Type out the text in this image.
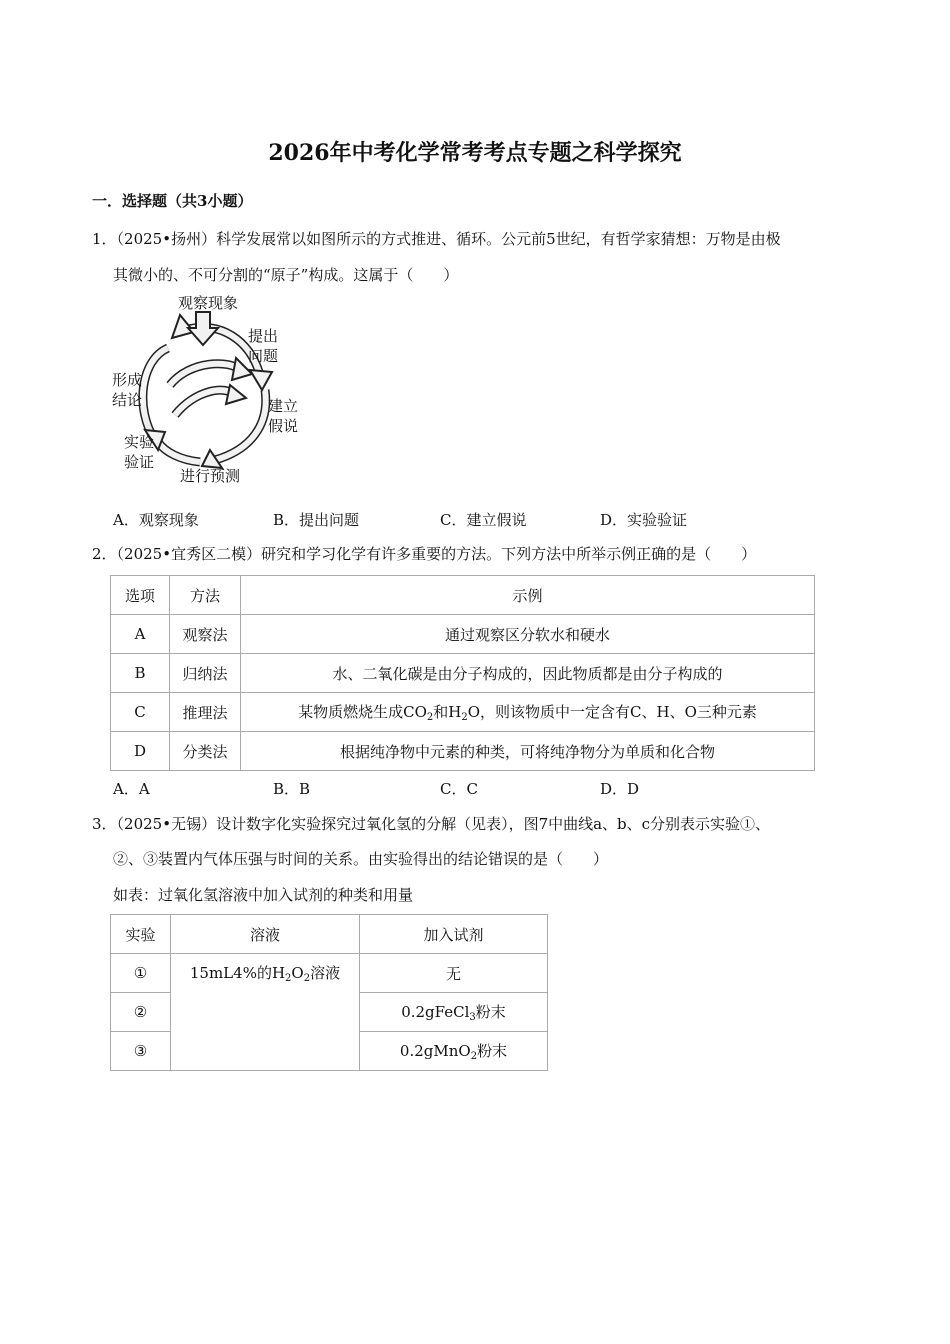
2026年中考化学常考考点专题之科学探究
一．选择题（共3小题）
1．（2025•扬州）科学发展常以如图所示的方式推进、循环。公元前5世纪，有哲学家猜想：万物是由极
其微小的、不可分割的“原子”构成。这属于（　　）
观察现象
提出
问题
建立
假说
进行预测
实验
验证
形成
结论
A．观察现象	B．提出问题	C．建立假说	D．实验验证
2．（2025•宜秀区二模）研究和学习化学有许多重要的方法。下列方法中所举示例正确的是（　　）
选项	方法	示例
A	观察法	通过观察区分软水和硬水
B	归纳法	水、二氧化碳是由分子构成的，因此物质都是由分子构成的
C	推理法	某物质燃烧生成$CO_2$和$H_2O$，则该物质中一定含有C、H、O三种元素
D	分类法	根据纯净物中元素的种类，可将纯净物分为单质和化合物
A．A	B．B	C．C	D．D
3．（2025•无锡）设计数字化实验探究过氧化氢的分解（见表），图7中曲线a、b、c分别表示实验①、
②、③装置内气体压强与时间的关系。由实验得出的结论错误的是（　　）
如表：过氧化氢溶液中加入试剂的种类和用量
实验	溶液	加入试剂
①	15mL4%的$H_2O_2$溶液	无
②		0.2gFeCl$_3$粉末
③		0.2gMnO$_2$粉末
